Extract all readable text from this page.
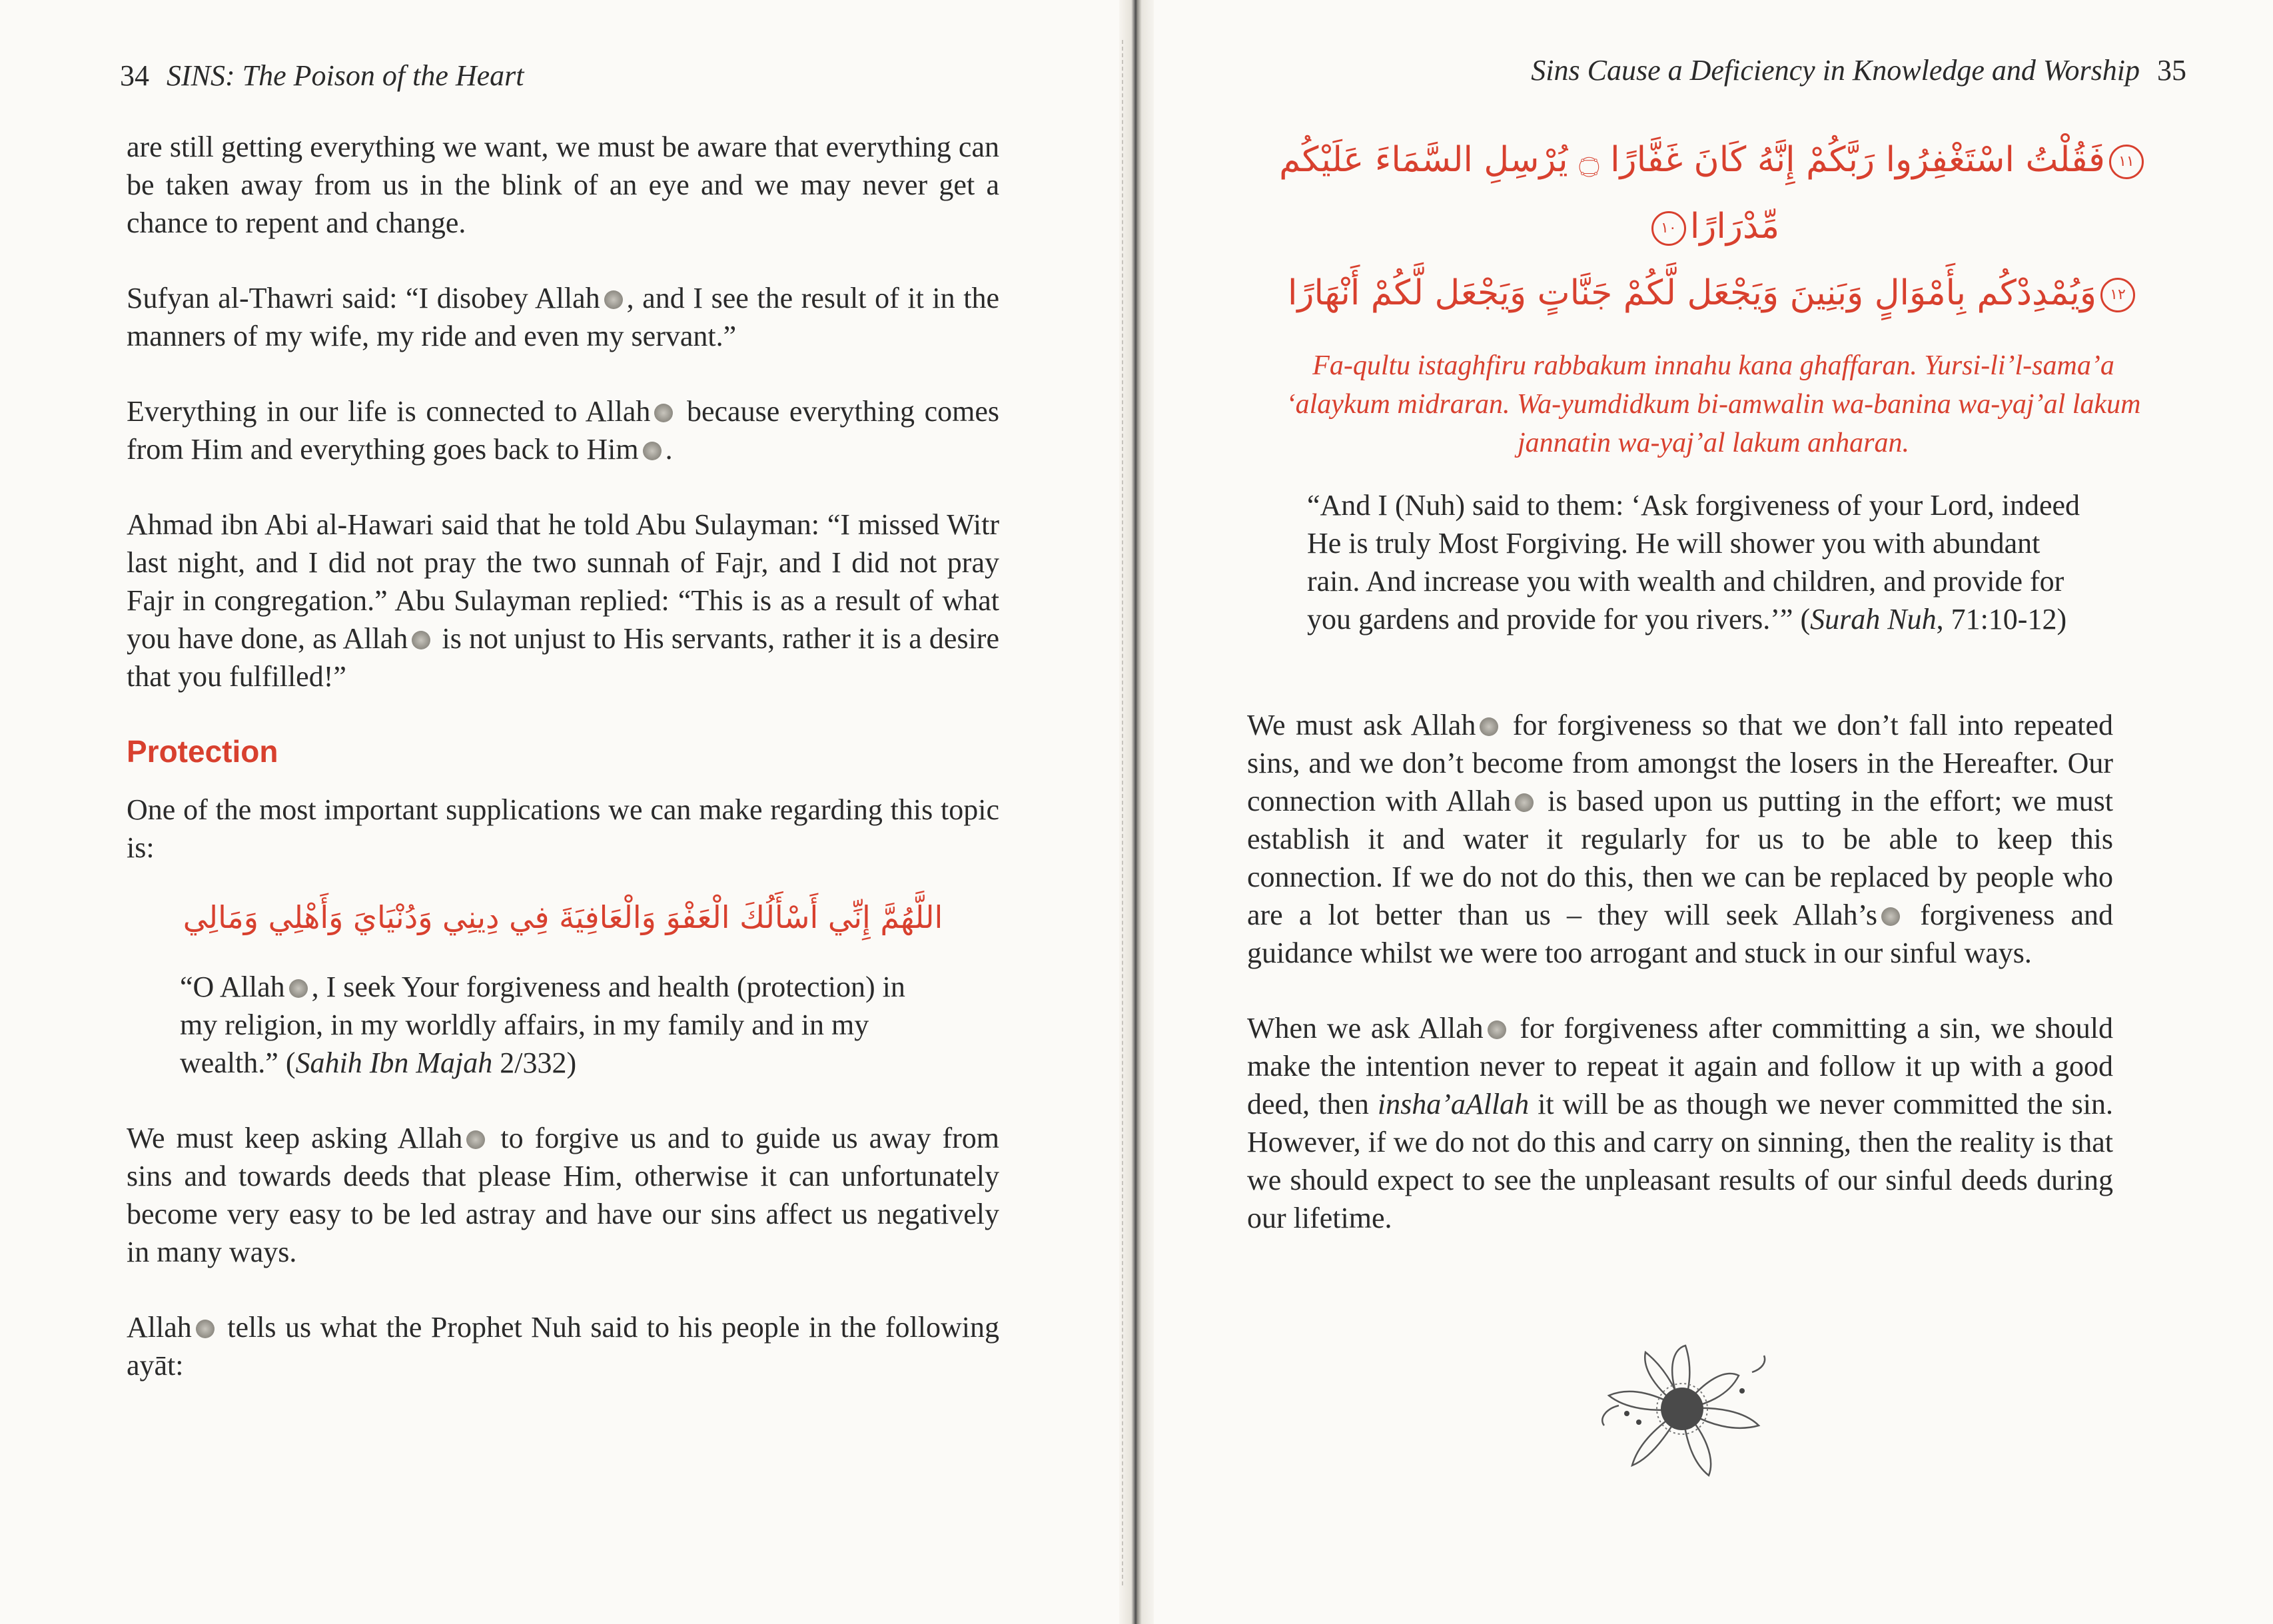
34 SINS: The Poison of the Heart

are still getting everything we want, we must be aware that everything can be taken away from us in the blink of an eye and we may never get a chance to repent and change.

Sufyan al-Thawri said: “I disobey Allah , and I see the result of it in the manners of my wife, my ride and even my servant.”

Everything in our life is connected to Allah because everything comes from Him and everything goes back to Him .

Ahmad ibn Abi al-Hawari said that he told Abu Sulayman: “I missed Witr last night, and I did not pray the two sunnah of Fajr, and I did not pray Fajr in congregation.” Abu Sulayman replied: “This is as a result of what you have done, as Allah is not unjust to His servants, rather it is a desire that you fulfilled!”

Protection

One of the most important supplications we can make regarding this topic is:

اللَّهُمَّ إِنِّي أَسْأَلُكَ الْعَفْوَ وَالْعَافِيَةَ فِي دِينِي وَدُنْيَايَ وَأَهْلِي وَمَالِي
“O Allah , I seek Your forgiveness and health (protection) in my religion, in my worldly affairs, in my family and in my wealth.” (Sahih Ibn Majah 2/332)

We must keep asking Allah to forgive us and to guide us away from sins and towards deeds that please Him, otherwise it can unfortunately become very easy to be led astray and have our sins affect us negatively in many ways.

Allah tells us what the Prophet Nuh said to his people in the following ayāt:

Sins Cause a Deficiency in Knowledge and Worship 35
١١فَقُلْتُ اسْتَغْفِرُوا رَبَّكُمْ إِنَّهُ كَانَ غَفَّارًا ۝ يُرْسِلِ السَّمَاءَ عَلَيْكُم مِّدْرَارًا١٠
١٢وَيُمْدِدْكُم بِأَمْوَالٍ وَبَنِينَ وَيَجْعَل لَّكُمْ جَنَّاتٍ وَيَجْعَل لَّكُمْ أَنْهَارًا
Fa-qultu istaghfiru rabbakum innahu kana ghaffaran. Yursi-li’l-sama’a ‘alaykum midraran. Wa-yumdidkum bi-amwalin wa-banina wa-yaj’al lakum jannatin wa-yaj’al lakum anharan.
“And I (Nuh) said to them: ‘Ask forgiveness of your Lord, indeed He is truly Most Forgiving. He will shower you with abundant rain. And increase you with wealth and children, and provide for you gardens and provide for you rivers.’” (Surah Nuh, 71:10-12)

We must ask Allah for forgiveness so that we don’t fall into repeated sins, and we don’t become from amongst the losers in the Hereafter. Our connection with Allah is based upon us putting in the effort; we must establish it and water it regularly for us to be able to keep this connection. If we do not do this, then we can be replaced by people who are a lot better than us – they will seek Allah’s forgiveness and guidance whilst we were too arrogant and stuck in our sinful ways.

When we ask Allah for forgiveness after committing a sin, we should make the intention never to repeat it again and follow it up with a good deed, then insha’aAllah it will be as though we never committed the sin. However, if we do not do this and carry on sinning, then the reality is that we should expect to see the unpleasant results of our sinful deeds during our lifetime.
